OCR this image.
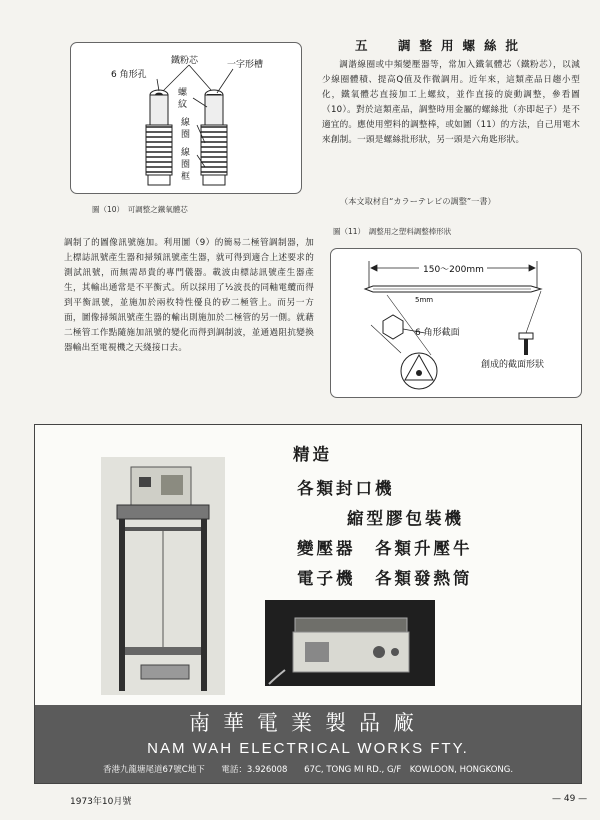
6 角形孔
鐵粉芯	一字形槽
螺
紋
線
圈
線
圈
框
圖（10）　可調整之鐵氧體芯
五　調整用螺絲批

調諧線圈或中頻變壓器等，常加入鐵氧體芯（鐵粉芯），以減少線圈體積、提高Q值及作微調用。近年來，這類產品日趨小型化，鐵氧體芯直接加工上螺紋，並作直接的旋動調整，參看圖（10）。對於這類產品，調整時用金屬的螺絲批（亦即起子）是不適宜的。應使用塑料的調整棒，或如圖（11）的方法，自己用電木來創制。一頭是螺絲批形狀，另一頭是六角匙形狀。

（本文取材自“カラーテレビの調整”一書）
圖（11）　調整用之塑料調整棒形狀
150～200mm
5mm
6 角形截面
創成的截面形狀

調制了的圖像訊號施加。利用圖（9）的簡易二極管調制器，加上標誌訊號產生器和掃頻訊號產生器，就可得到適合上述要求的測試訊號，而無需昂貴的專門儀器。載波由標誌訊號產生器產生，其輸出通常是不平衡式。所以採用了½波長的同軸電纜而得到平衡訊號，並施加於兩枚特性優良的矽二極管上。而另一方面，圖像掃頻訊號產生器的輸出則施加於二極管的另一側。就藉二極管工作點隨施加訊號的變化而得到調制波，並通過阻抗變換器輸出至電視機之天綫接口去。

精造
各類封口機
縮型膠包裝機
變壓器　各類升壓牛
電子機　各類發熱筒
南華電業製品廠
NAM WAH ELECTRICAL WORKS FTY.
香港九龍塘尾道67號C地下 電話：3.926008 67C, TONG MI RD., G/F　KOWLOON, HONGKONG.
1973年10月號	— 49 —
